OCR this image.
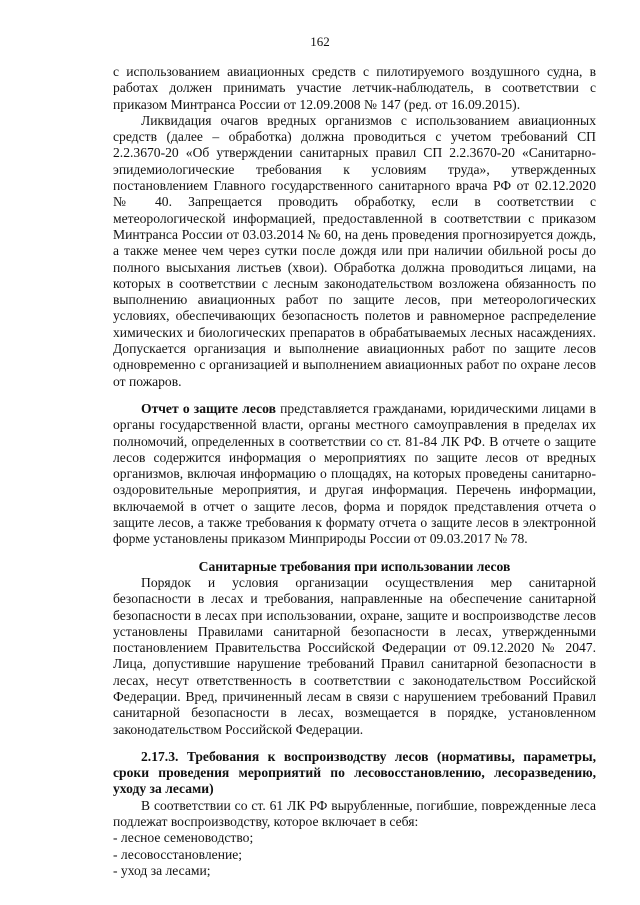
162

с использованием авиационных средств с пилотируемого воздушного судна, в работах должен принимать участие летчик-наблюдатель, в соответствии с приказом Минтранса России от 12.09.2008 № 147 (ред. от 16.09.2015).

Ликвидация очагов вредных организмов с использованием авиационных средств (далее – обработка) должна проводиться с учетом требований СП 2.2.3670-20 «Об утверждении санитарных правил СП 2.2.3670-20 «Санитарно-эпидемиологические требования к условиям труда», утвержденных постановлением Главного государственного санитарного врача РФ от 02.12.2020 № 40. Запрещается проводить обработку, если в соответствии с метеорологической информацией, предоставленной в соответствии с приказом Минтранса России от 03.03.2014 № 60, на день проведения прогнозируется дождь, а также менее чем через сутки после дождя или при наличии обильной росы до полного высыхания листьев (хвои). Обработка должна проводиться лицами, на которых в соответствии с лесным законодательством возложена обязанность по выполнению авиационных работ по защите лесов, при метеорологических условиях, обеспечивающих безопасность полетов и равномерное распределение химических и биологических препаратов в обрабатываемых лесных насаждениях. Допускается организация и выполнение авиационных работ по защите лесов одновременно с организацией и выполнением авиационных работ по охране лесов от пожаров.

Отчет о защите лесов представляется гражданами, юридическими лицами в органы государственной власти, органы местного самоуправления в пределах их полномочий, определенных в соответствии со ст. 81-84 ЛК РФ. В отчете о защите лесов содержится информация о мероприятиях по защите лесов от вредных организмов, включая информацию о площадях, на которых проведены санитарно-оздоровительные мероприятия, и другая информация. Перечень информации, включаемой в отчет о защите лесов, форма и порядок представления отчета о защите лесов, а также требования к формату отчета о защите лесов в электронной форме установлены приказом Минприроды России от 09.03.2017 № 78.

Санитарные требования при использовании лесов

Порядок и условия организации осуществления мер санитарной безопасности в лесах и требования, направленные на обеспечение санитарной безопасности в лесах при использовании, охране, защите и воспроизводстве лесов установлены Правилами санитарной безопасности в лесах, утвержденными постановлением Правительства Российской Федерации от 09.12.2020 № 2047. Лица, допустившие нарушение требований Правил санитарной безопасности в лесах, несут ответственность в соответствии с законодательством Российской Федерации. Вред, причиненный лесам в связи с нарушением требований Правил санитарной безопасности в лесах, возмещается в порядке, установленном законодательством Российской Федерации.

2.17.3. Требования к воспроизводству лесов (нормативы, параметры, сроки проведения мероприятий по лесовосстановлению, лесоразведению, уходу за лесами)

В соответствии со ст. 61 ЛК РФ вырубленные, погибшие, поврежденные леса подлежат воспроизводству, которое включает в себя:

- лесное семеноводство;

- лесовосстановление;

- уход за лесами;
